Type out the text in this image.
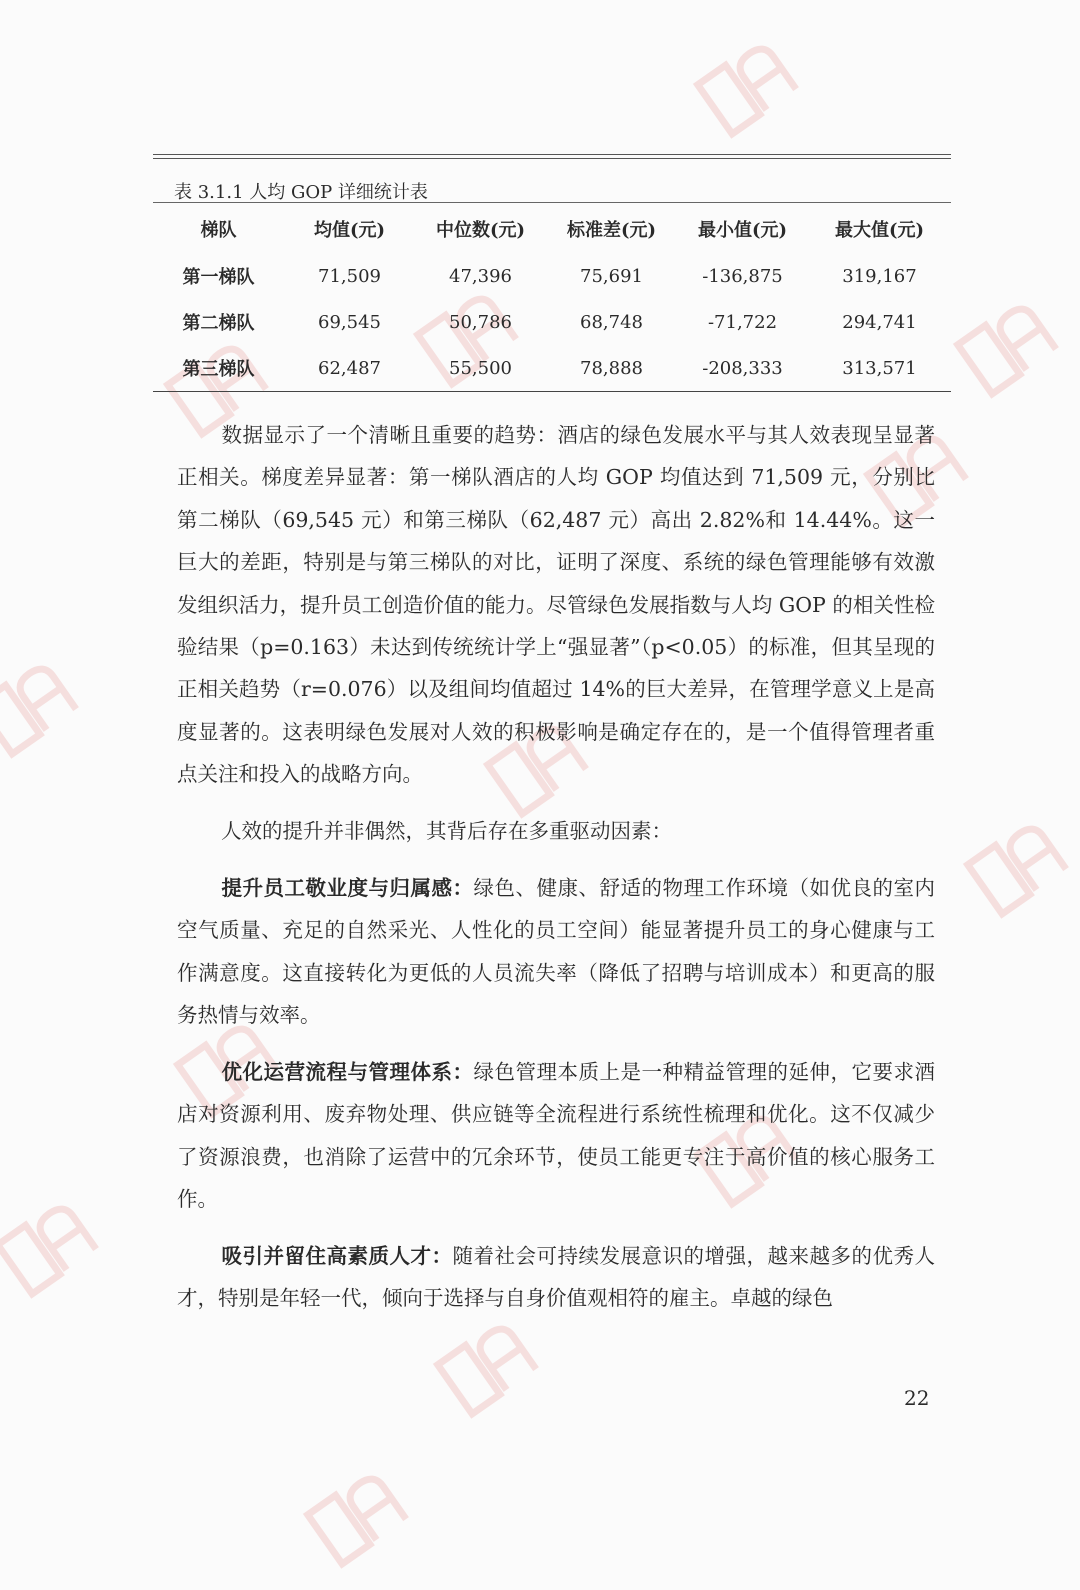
表 3.1.1 人均 GOP 详细统计表
梯队	均值(元)	中位数(元)	标准差(元)	最小值(元)	最大值(元)
第一梯队	71,509	47,396	75,691	-136,875	319,167
第二梯队	69,545	50,786	68,748	-71,722	294,741
第三梯队	62,487	55,500	78,888	-208,333	313,571
数据显示了一个清晰且重要的趋势：酒店的绿色发展水平与其人效表现呈显著正相关。梯度差异显著：第一梯队酒店的人均 GOP 均值达到 71,509 元，分别比第二梯队（69,545 元）和第三梯队（62,487 元）高出 2.82%和 14.44%。这一巨大的差距，特别是与第三梯队的对比，证明了深度、系统的绿色管理能够有效激发组织活力，提升员工创造价值的能力。尽管绿色发展指数与人均 GOP 的相关性检验结果（p=0.163）未达到传统统计学上“强显著”（p<0.05）的标准，但其呈现的正相关趋势（r=0.076）以及组间均值超过 14%的巨大差异，在管理学意义上是高度显著的。这表明绿色发展对人效的积极影响是确定存在的，是一个值得管理者重点关注和投入的战略方向。
人效的提升并非偶然，其背后存在多重驱动因素：
提升员工敬业度与归属感：绿色、健康、舒适的物理工作环境（如优良的室内空气质量、充足的自然采光、人性化的员工空间）能显著提升员工的身心健康与工作满意度。这直接转化为更低的人员流失率（降低了招聘与培训成本）和更高的服务热情与效率。
优化运营流程与管理体系：绿色管理本质上是一种精益管理的延伸，它要求酒店对资源利用、废弃物处理、供应链等全流程进行系统性梳理和优化。这不仅减少了资源浪费，也消除了运营中的冗余环节，使员工能更专注于高价值的核心服务工作。
吸引并留住高素质人才：随着社会可持续发展意识的增强，越来越多的优秀人才，特别是年轻一代，倾向于选择与自身价值观相符的雇主。卓越的绿色
22
